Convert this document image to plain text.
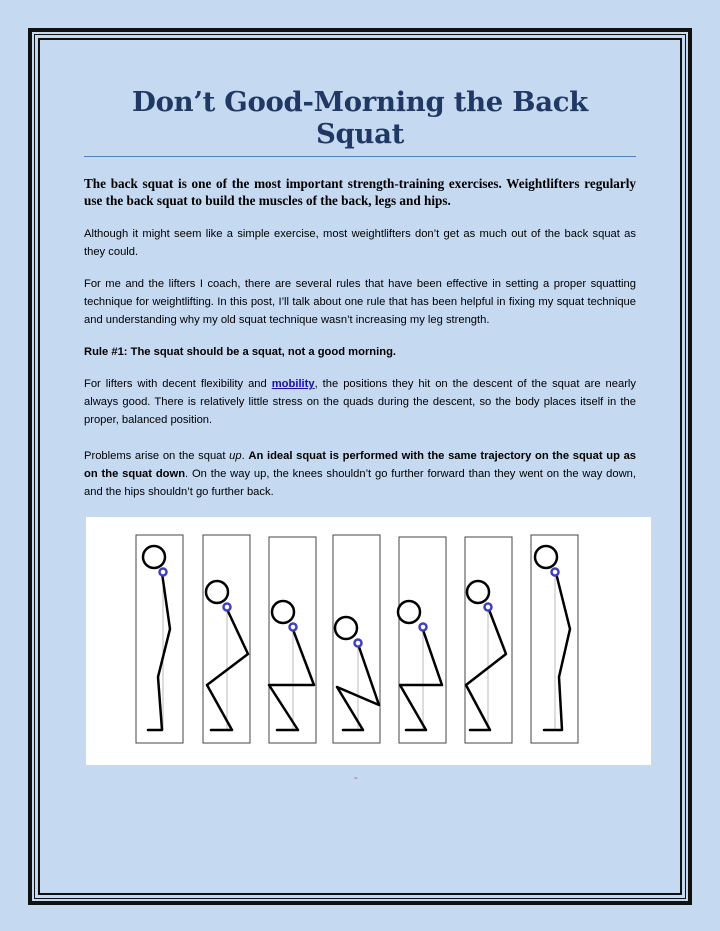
Don’t Good-Morning the Back Squat

The back squat is one of the most important strength-training exercises. Weightlifters regularly use the back squat to build the muscles of the back, legs and hips.

Although it might seem like a simple exercise, most weightlifters don’t get as much out of the back squat as they could.

For me and the lifters I coach, there are several rules that have been effective in setting a proper squatting technique for weightlifting. In this post, I’ll talk about one rule that has been helpful in fixing my squat technique and understanding why my old squat technique wasn’t increasing my leg strength.

Rule #1: The squat should be a squat, not a good morning.

For lifters with decent flexibility and mobility, the positions they hit on the descent of the squat are nearly always good. There is relatively little stress on the quads during the descent, so the body places itself in the proper, balanced position.

Problems arise on the squat up. An ideal squat is performed with the same trajectory on the squat up as on the squat down. On the way up, the knees shouldn’t go further forward than they went on the way down, and the hips shouldn’t go further back.

-
